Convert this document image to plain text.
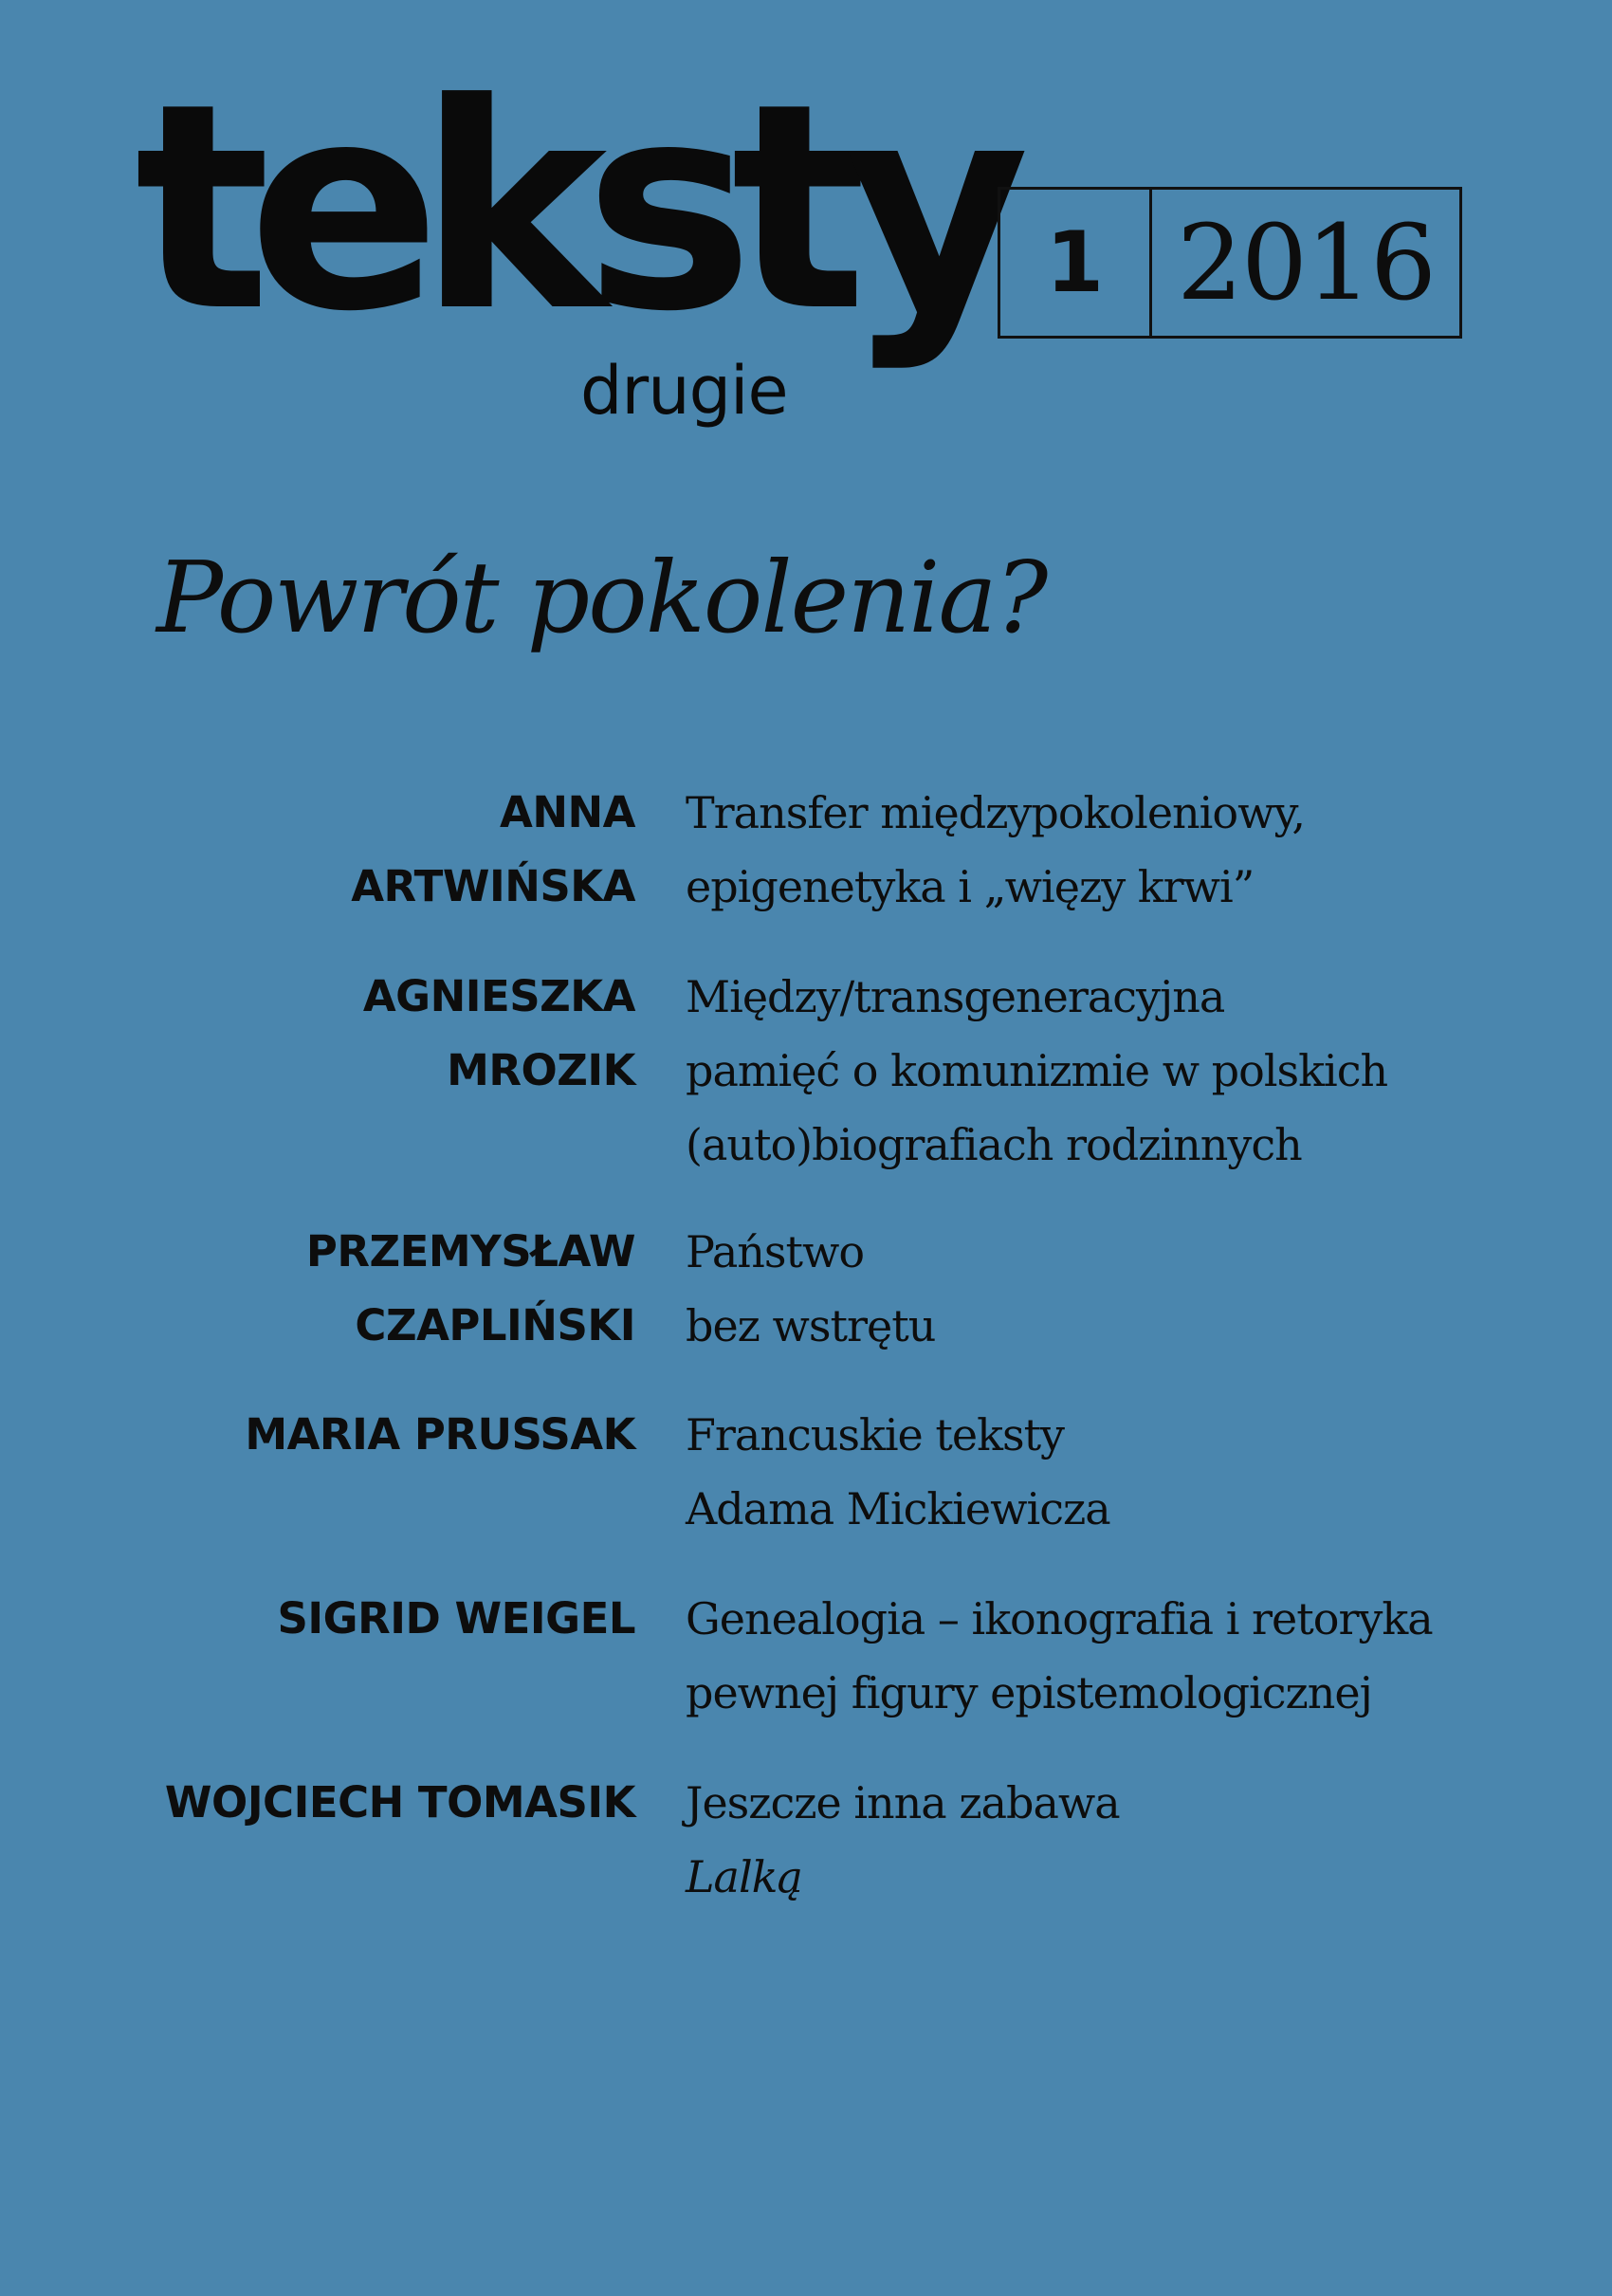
teksty
drugie
1 2016
Powrót pokolenia?
ANNA
ARTWIŃSKA
Transfer międzypokoleniowy,
epigenetyka i „więzy krwi”
AGNIESZKA
MROZIK
Między/transgeneracyjna
pamięć o komunizmie w polskich
(auto)biografiach rodzinnych
PRZEMYSŁAW
CZAPLIŃSKI
Państwo
bez wstrętu
MARIA PRUSSAK Francuskie teksty
Adama Mickiewicza
SIGRID WEIGEL Genealogia – ikonografia i retoryka
pewnej figury epistemologicznej
WOJCIECH TOMASIK Jeszcze inna zabawa
Lalką
